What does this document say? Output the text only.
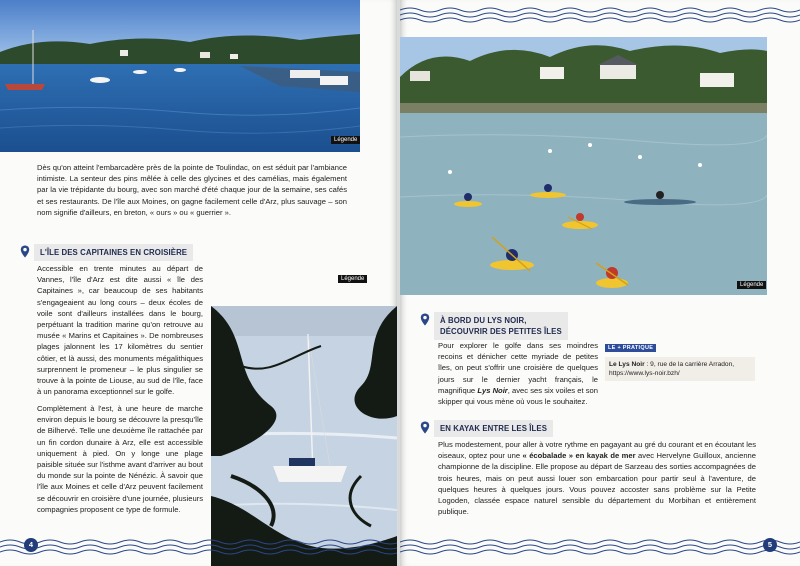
Légende

Dès qu'on atteint l'embarcadère près de la pointe de Toulindac, on est séduit par l'ambiance intimiste. La senteur des pins mêlée à celle des glycines et des camélias, mais également par la vie trépidante du bourg, avec son marché d'été chaque jour de la semaine, ses cafés et ses restaurants. De l'île aux Moines, on gagne facilement celle d'Arz, plus sauvage – son nom signifie d'ailleurs, en breton, « ours » ou « guerrier ».

L'ÎLE DES CAPITAINES EN CROISIÈRE

Accessible en trente minutes au départ de Vannes, l'île d'Arz est dite aussi « île des Capitaines », car beaucoup de ses habitants s'engageaient au long cours – deux écoles de voile sont d'ailleurs installées dans le bourg, perpétuant la tradition marine qu'on retrouve au musée « Marins et Capitaines ». De nombreuses plages jalonnent les 17 kilomètres du sentier côtier, et là aussi, des monuments mégalithiques surprennent le promeneur – le plus singulier se trouve à la pointe de Liouse, au sud de l'île, face à un panorama exceptionnel sur le golfe.

Légende

Complètement à l'est, à une heure de marche environ depuis le bourg se découvre la presqu'île de Bilhervé. Telle une deuxième île rattachée par un fin cordon dunaire à Arz, elle est accessible uniquement à pied. On y longe une plage paisible située sur l'isthme avant d'arriver au bout du monde sur la pointe de Nénézic. À savoir que l'île aux Moines et celle d'Arz peuvent facilement se découvrir en croisière d'une journée, plusieurs compagnies proposent ce type de formule.

4
Légende
À BORD DU LYS NOIR,
DÉCOUVRIR DES PETITES ÎLES

Pour explorer le golfe dans ses moindres recoins et dénicher cette myriade de petites îles, on peut s'offrir une croisière de quelques jours sur le dernier yacht français, le magnifique Lys Noir, avec ses six voiles et son skipper qui vous mène où vous le souhaitez.

LE + PRATIQUE
Le Lys Noir : 9, rue de la carrière Arradon, https://www.lys-noir.bzh/
EN KAYAK ENTRE LES ÎLES

Plus modestement, pour aller à votre rythme en pagayant au gré du courant et en écoutant les oiseaux, optez pour une « écobalade » en kayak de mer avec Hervelyne Guilloux, ancienne championne de la discipline. Elle propose au départ de Sarzeau des sorties accompagnées de trois heures, mais on peut aussi louer son embarcation pour partir seul à l'aventure, de quelques heures à quelques jours. Vous pouvez accoster sans problème sur la Petite Logoden, classée espace naturel sensible du département du Morbihan et entièrement publique.

5
